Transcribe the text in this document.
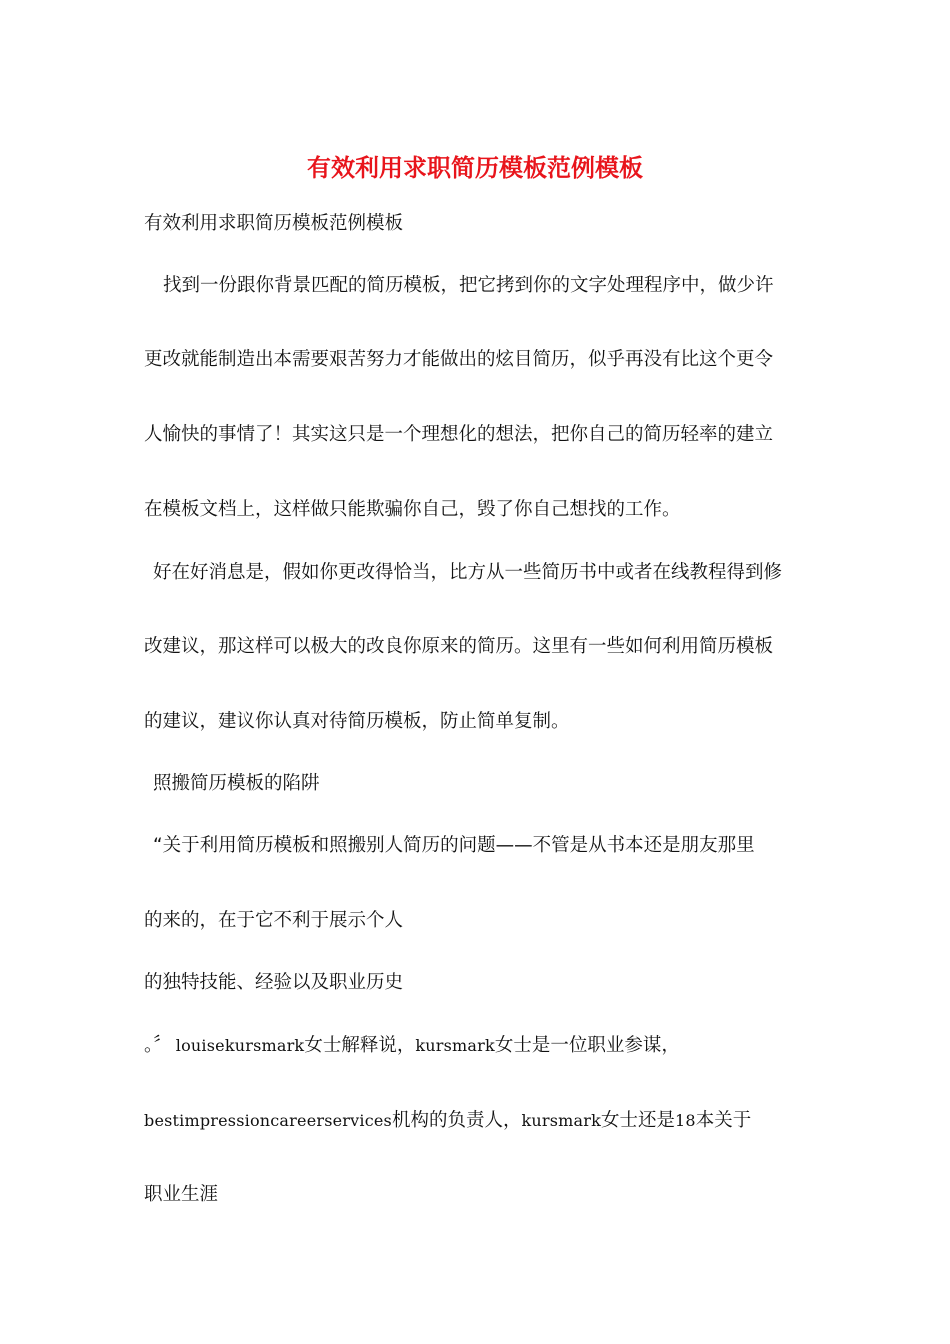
有效利用求职简历模板范例模板

有效利用求职简历模板范例模板

找到一份跟你背景匹配的简历模板，把它拷到你的文字处理程序中，做少许

更改就能制造出本需要艰苦努力才能做出的炫目简历，似乎再没有比这个更令

人愉快的事情了！其实这只是一个理想化的想法，把你自己的简历轻率的建立

在模板文档上，这样做只能欺骗你自己，毁了你自己想找的工作。

好在好消息是，假如你更改得恰当，比方从一些简历书中或者在线教程得到修

改建议，那这样可以极大的改良你原来的简历。这里有一些如何利用简历模板

的建议，建议你认真对待简历模板，防止简单复制。

照搬简历模板的陷阱

“关于利用简历模板和照搬别人简历的问题——不管是从书本还是朋友那里

的来的，在于它不利于展示个人

的独特技能、经验以及职业历史

。〞 louisekursmark女士解释说，kursmark女士是一位职业参谋，

bestimpressioncareerservices机构的负责人，kursmark女士还是18本关于

职业生涯
